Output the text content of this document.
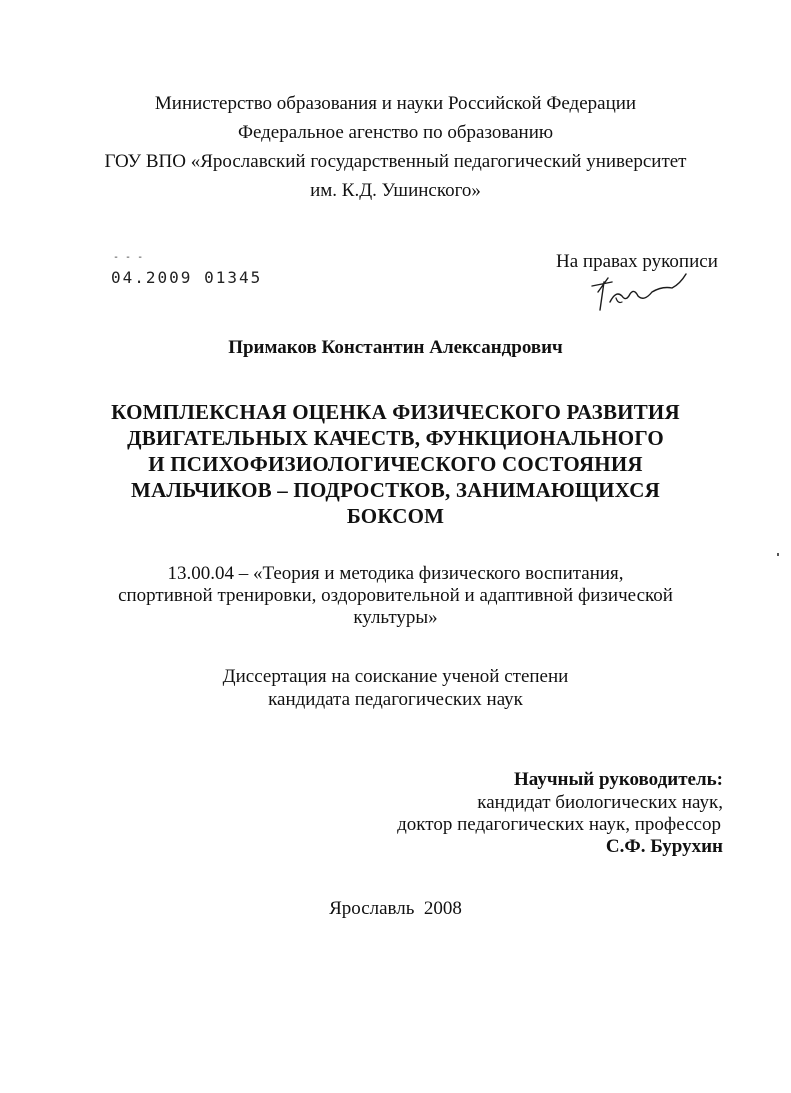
Министерство образования и науки Российской Федерации
Федеральное агенство по образованию
ГОУ ВПО «Ярославский государственный педагогический университет
им. К.Д. Ушинского»
- - -
04.2009 01345
На правах рукописи
Примаков Константин Александрович
КОМПЛЕКСНАЯ ОЦЕНКА ФИЗИЧЕСКОГО РАЗВИТИЯ
ДВИГАТЕЛЬНЫХ КАЧЕСТВ, ФУНКЦИОНАЛЬНОГО
И ПСИХОФИЗИОЛОГИЧЕСКОГО СОСТОЯНИЯ
МАЛЬЧИКОВ – ПОДРОСТКОВ, ЗАНИМАЮЩИХСЯ
БОКСОМ
13.00.04 – «Теория и методика физического воспитания,
спортивной тренировки, оздоровительной и адаптивной физической
культуры»
Диссертация на соискание ученой степени
кандидата педагогических наук
Научный руководитель:
кандидат биологических наук,
доктор педагогических наук, профессор
С.Ф. Бурухин
Ярославль  2008
